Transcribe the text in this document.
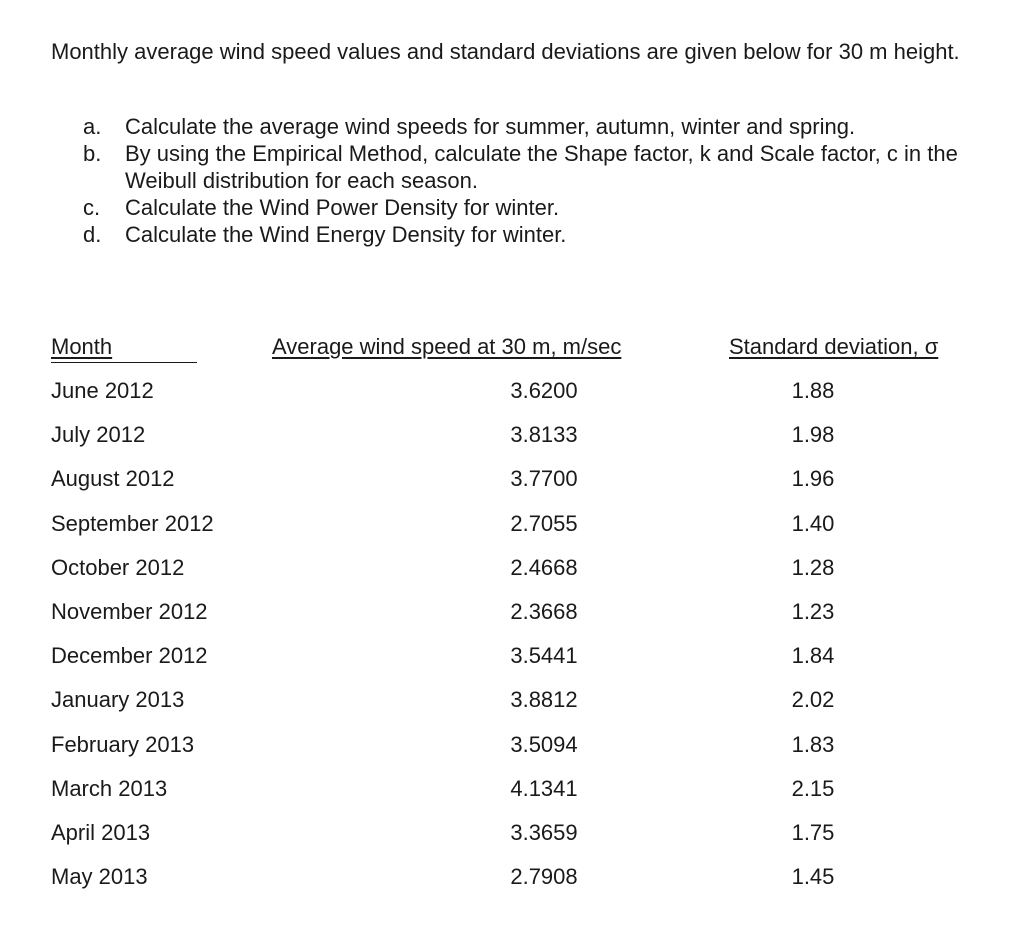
Monthly average wind speed values and standard deviations are given below for 30 m height.
a.	Calculate the average wind speeds for summer, autumn, winter and spring.
b.	By using the Empirical Method, calculate the Shape factor, k and Scale factor, c in the Weibull distribution for each season.
c.	Calculate the Wind Power Density for winter.
d.	Calculate the Wind Energy Density for winter.
Month	Average wind speed at 30 m, m/sec	Standard deviation, σ
June 2012	3.6200	1.88
July 2012	3.8133	1.98
August 2012	3.7700	1.96
September 2012	2.7055	1.40
October 2012	2.4668	1.28
November 2012	2.3668	1.23
December 2012	3.5441	1.84
January 2013	3.8812	2.02
February 2013	3.5094	1.83
March 2013	4.1341	2.15
April 2013	3.3659	1.75
May 2013	2.7908	1.45
